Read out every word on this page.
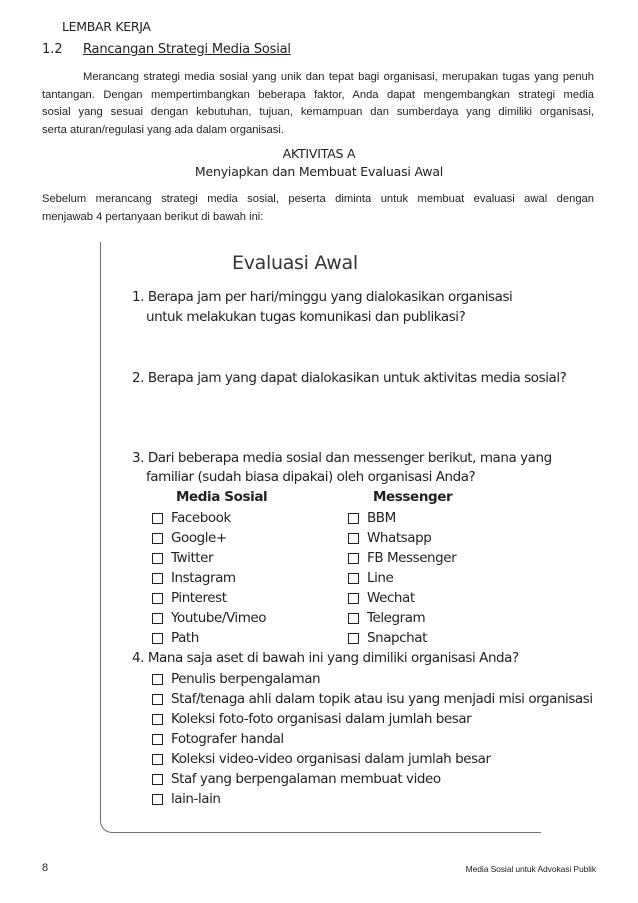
LEMBAR KERJA
1.2 Rancangan Strategi Media Sosial
Merancang strategi media sosial yang unik dan tepat bagi organisasi, merupakan tugas yang penuh
tantangan. Dengan mempertimbangkan beberapa faktor, Anda dapat mengembangkan strategi media
sosial yang sesuai dengan kebutuhan, tujuan, kemampuan dan sumberdaya yang dimiliki organisasi,
serta aturan/regulasi yang ada dalam organisasi.
AKTIVITAS A
Menyiapkan dan Membuat Evaluasi Awal
Sebelum merancang strategi media sosial, peserta diminta untuk membuat evaluasi awal dengan
menjawab 4 pertanyaan berikut di bawah ini:
Evaluasi Awal
1. Berapa jam per hari/minggu yang dialokasikan organisasi
untuk melakukan tugas komunikasi dan publikasi?
2. Berapa jam yang dapat dialokasikan untuk aktivitas media sosial?
3. Dari beberapa media sosial dan messenger berikut, mana yang
familiar (sudah biasa dipakai) oleh organisasi Anda?
Media Sosial	Messenger
Facebook
Google+
Twitter
Instagram
Pinterest
Youtube/Vimeo
Path
BBM
Whatsapp
FB Messenger
Line
Wechat
Telegram
Snapchat
4. Mana saja aset di bawah ini yang dimiliki organisasi Anda?
Penulis berpengalaman
Staf/tenaga ahli dalam topik atau isu yang menjadi misi organisasi
Koleksi foto-foto organisasi dalam jumlah besar
Fotografer handal
Koleksi video-video organisasi dalam jumlah besar
Staf yang berpengalaman membuat video
lain-lain
8	Media Sosial untuk Advokasi Publik
